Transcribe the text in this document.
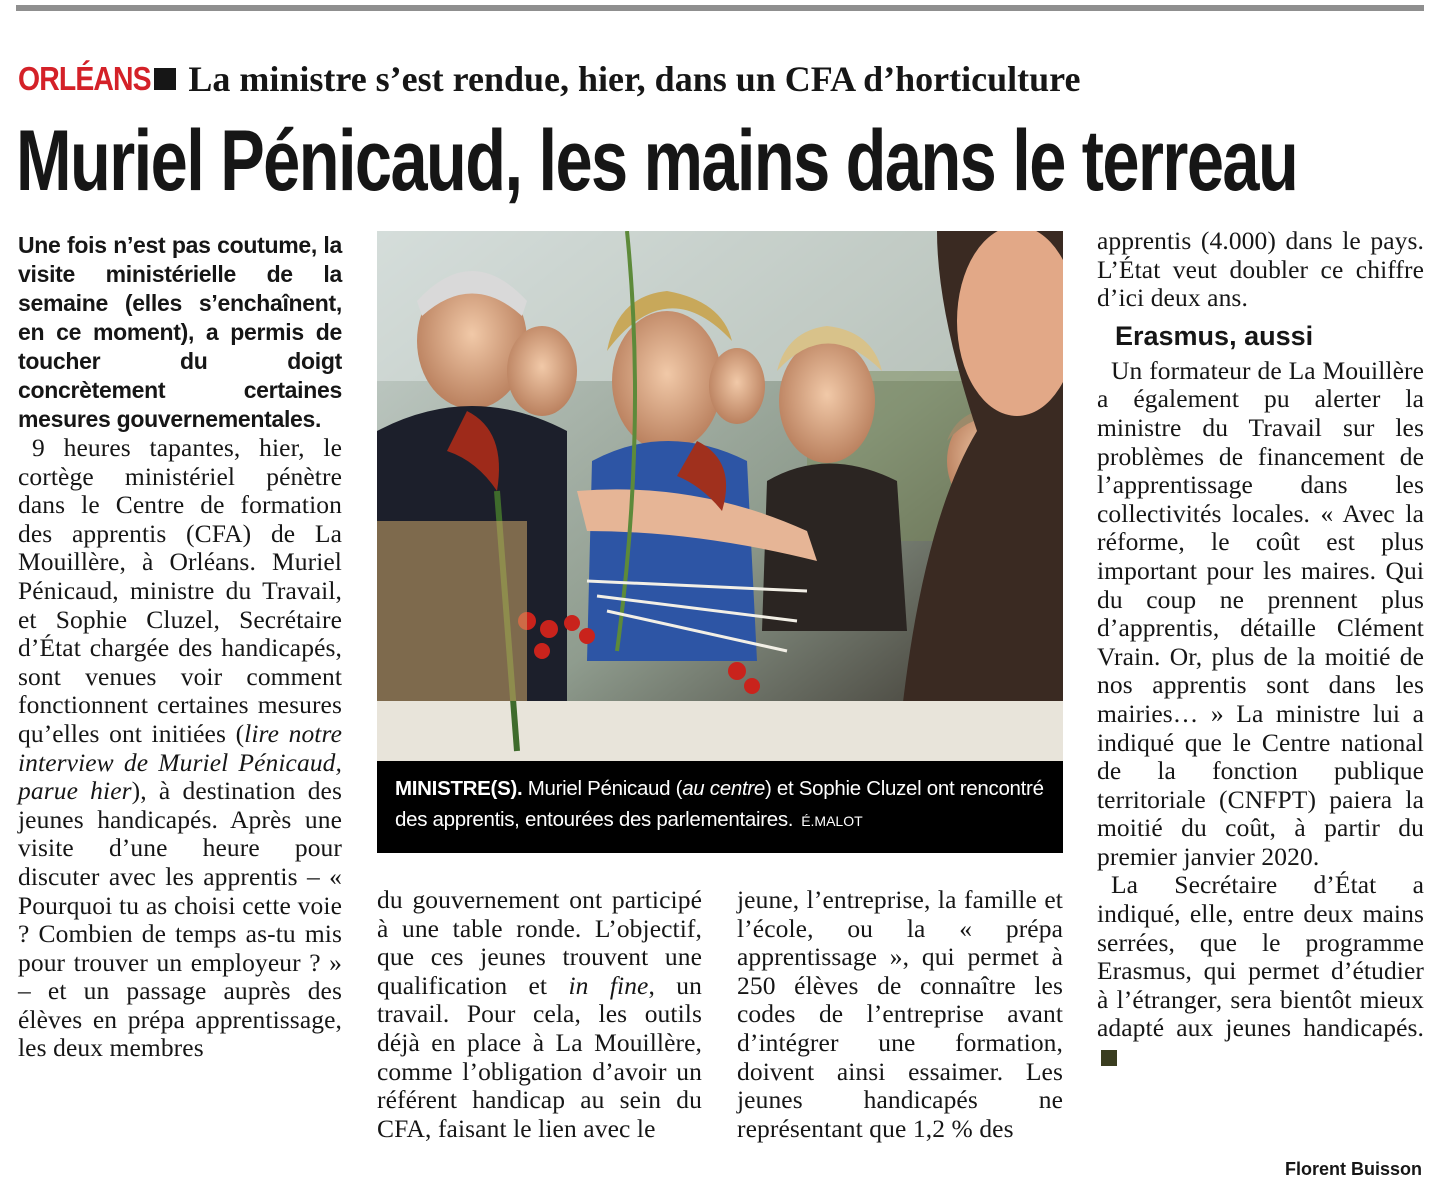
ORLÉANS La ministre s’est rendue, hier, dans un CFA d’horticulture
Muriel Pénicaud, les mains dans le terreau

Une fois n’est pas coutume, la visite ministérielle de la semaine (elles s’enchaînent, en ce moment), a permis de toucher du doigt concrètement certaines mesures gouvernementales.

9 heures tapantes, hier, le cortège ministériel pénètre dans le Centre de formation des apprentis (CFA) de La Mouillère, à Orléans. Muriel Pénicaud, ministre du Travail, et Sophie Cluzel, Secrétaire d’État chargée des handicapés, sont venues voir comment fonctionnent certaines mesures qu’elles ont initiées (lire notre interview de Muriel Pénicaud, parue hier), à destination des jeunes handicapés. Après une visite d’une heure pour discuter avec les apprentis – « Pourquoi tu as choisi cette voie ? Combien de temps as-tu mis pour trouver un employeur ? » – et un passage auprès des élèves en prépa apprentissage, les deux membres

MINISTRE(S). Muriel Pénicaud (au centre) et Sophie Cluzel ont rencontré des apprentis, entourées des parlementaires. É.MALOT

du gouvernement ont participé à une table ronde. L’objectif, que ces jeunes trouvent une qualification et in fine, un travail. Pour cela, les outils déjà en place à La Mouillère, comme l’obligation d’avoir un référent handicap au sein du CFA, faisant le lien avec le

jeune, l’entreprise, la famille et l’école, ou la « prépa apprentissage », qui permet à 250 élèves de connaître les codes de l’entreprise avant d’intégrer une formation, doivent ainsi essaimer. Les jeunes handicapés ne représentant que 1,2 % des

apprentis (4.000) dans le pays. L’État veut doubler ce chiffre d’ici deux ans.

Erasmus, aussi

Un formateur de La Mouillère a également pu alerter la ministre du Travail sur les problèmes de financement de l’apprentissage dans les collectivités locales. « Avec la réforme, le coût est plus important pour les maires. Qui du coup ne prennent plus d’apprentis, détaille Clément Vrain. Or, plus de la moitié de nos apprentis sont dans les mairies… » La ministre lui a indiqué que le Centre national de la fonction publique territoriale (CNFPT) paiera la moitié du coût, à partir du premier janvier 2020.

La Secrétaire d’État a indiqué, elle, entre deux mains serrées, que le programme Erasmus, qui permet d’étudier à l’étranger, sera bientôt mieux adapté aux jeunes handicapés.

Florent Buisson
